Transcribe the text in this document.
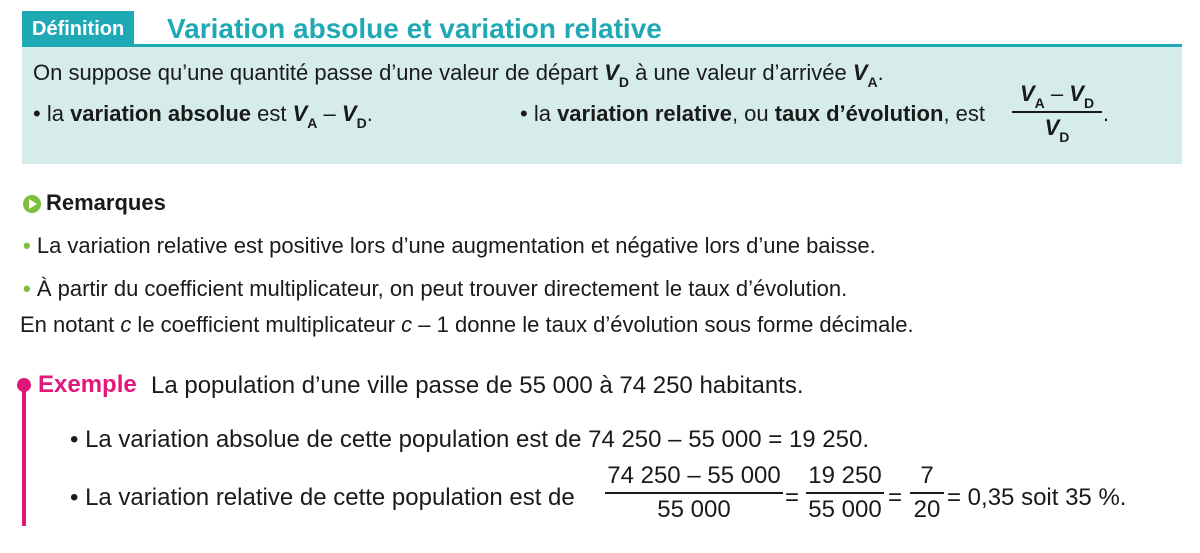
Définition	Variation absolue et variation relative
On suppose qu’une quantité passe d’une valeur de départ $V_D$ à une valeur d’arrivée $V_A$.
• la variation absolue est $V_A - V_D$.	• la variation relative, ou taux d’évolution, est
$V_A - V_D$
$V_D$
.
Remarques
• La variation relative est positive lors d’une augmentation et négative lors d’une baisse.
• À partir du coefficient multiplicateur, on peut trouver directement le taux d’évolution.
En notant c le coefficient multiplicateur c – 1 donne le taux d’évolution sous forme décimale.
Exemple La population d’une ville passe de 55 000 à 74 250 habitants.
• La variation absolue de cette population est de 74 250 – 55 000 = 19 250.
• La variation relative de cette population est de
74 250 – 55 000
55 000	=
19 250
55 000 =
7
20 = 0,35 soit 35 %.
